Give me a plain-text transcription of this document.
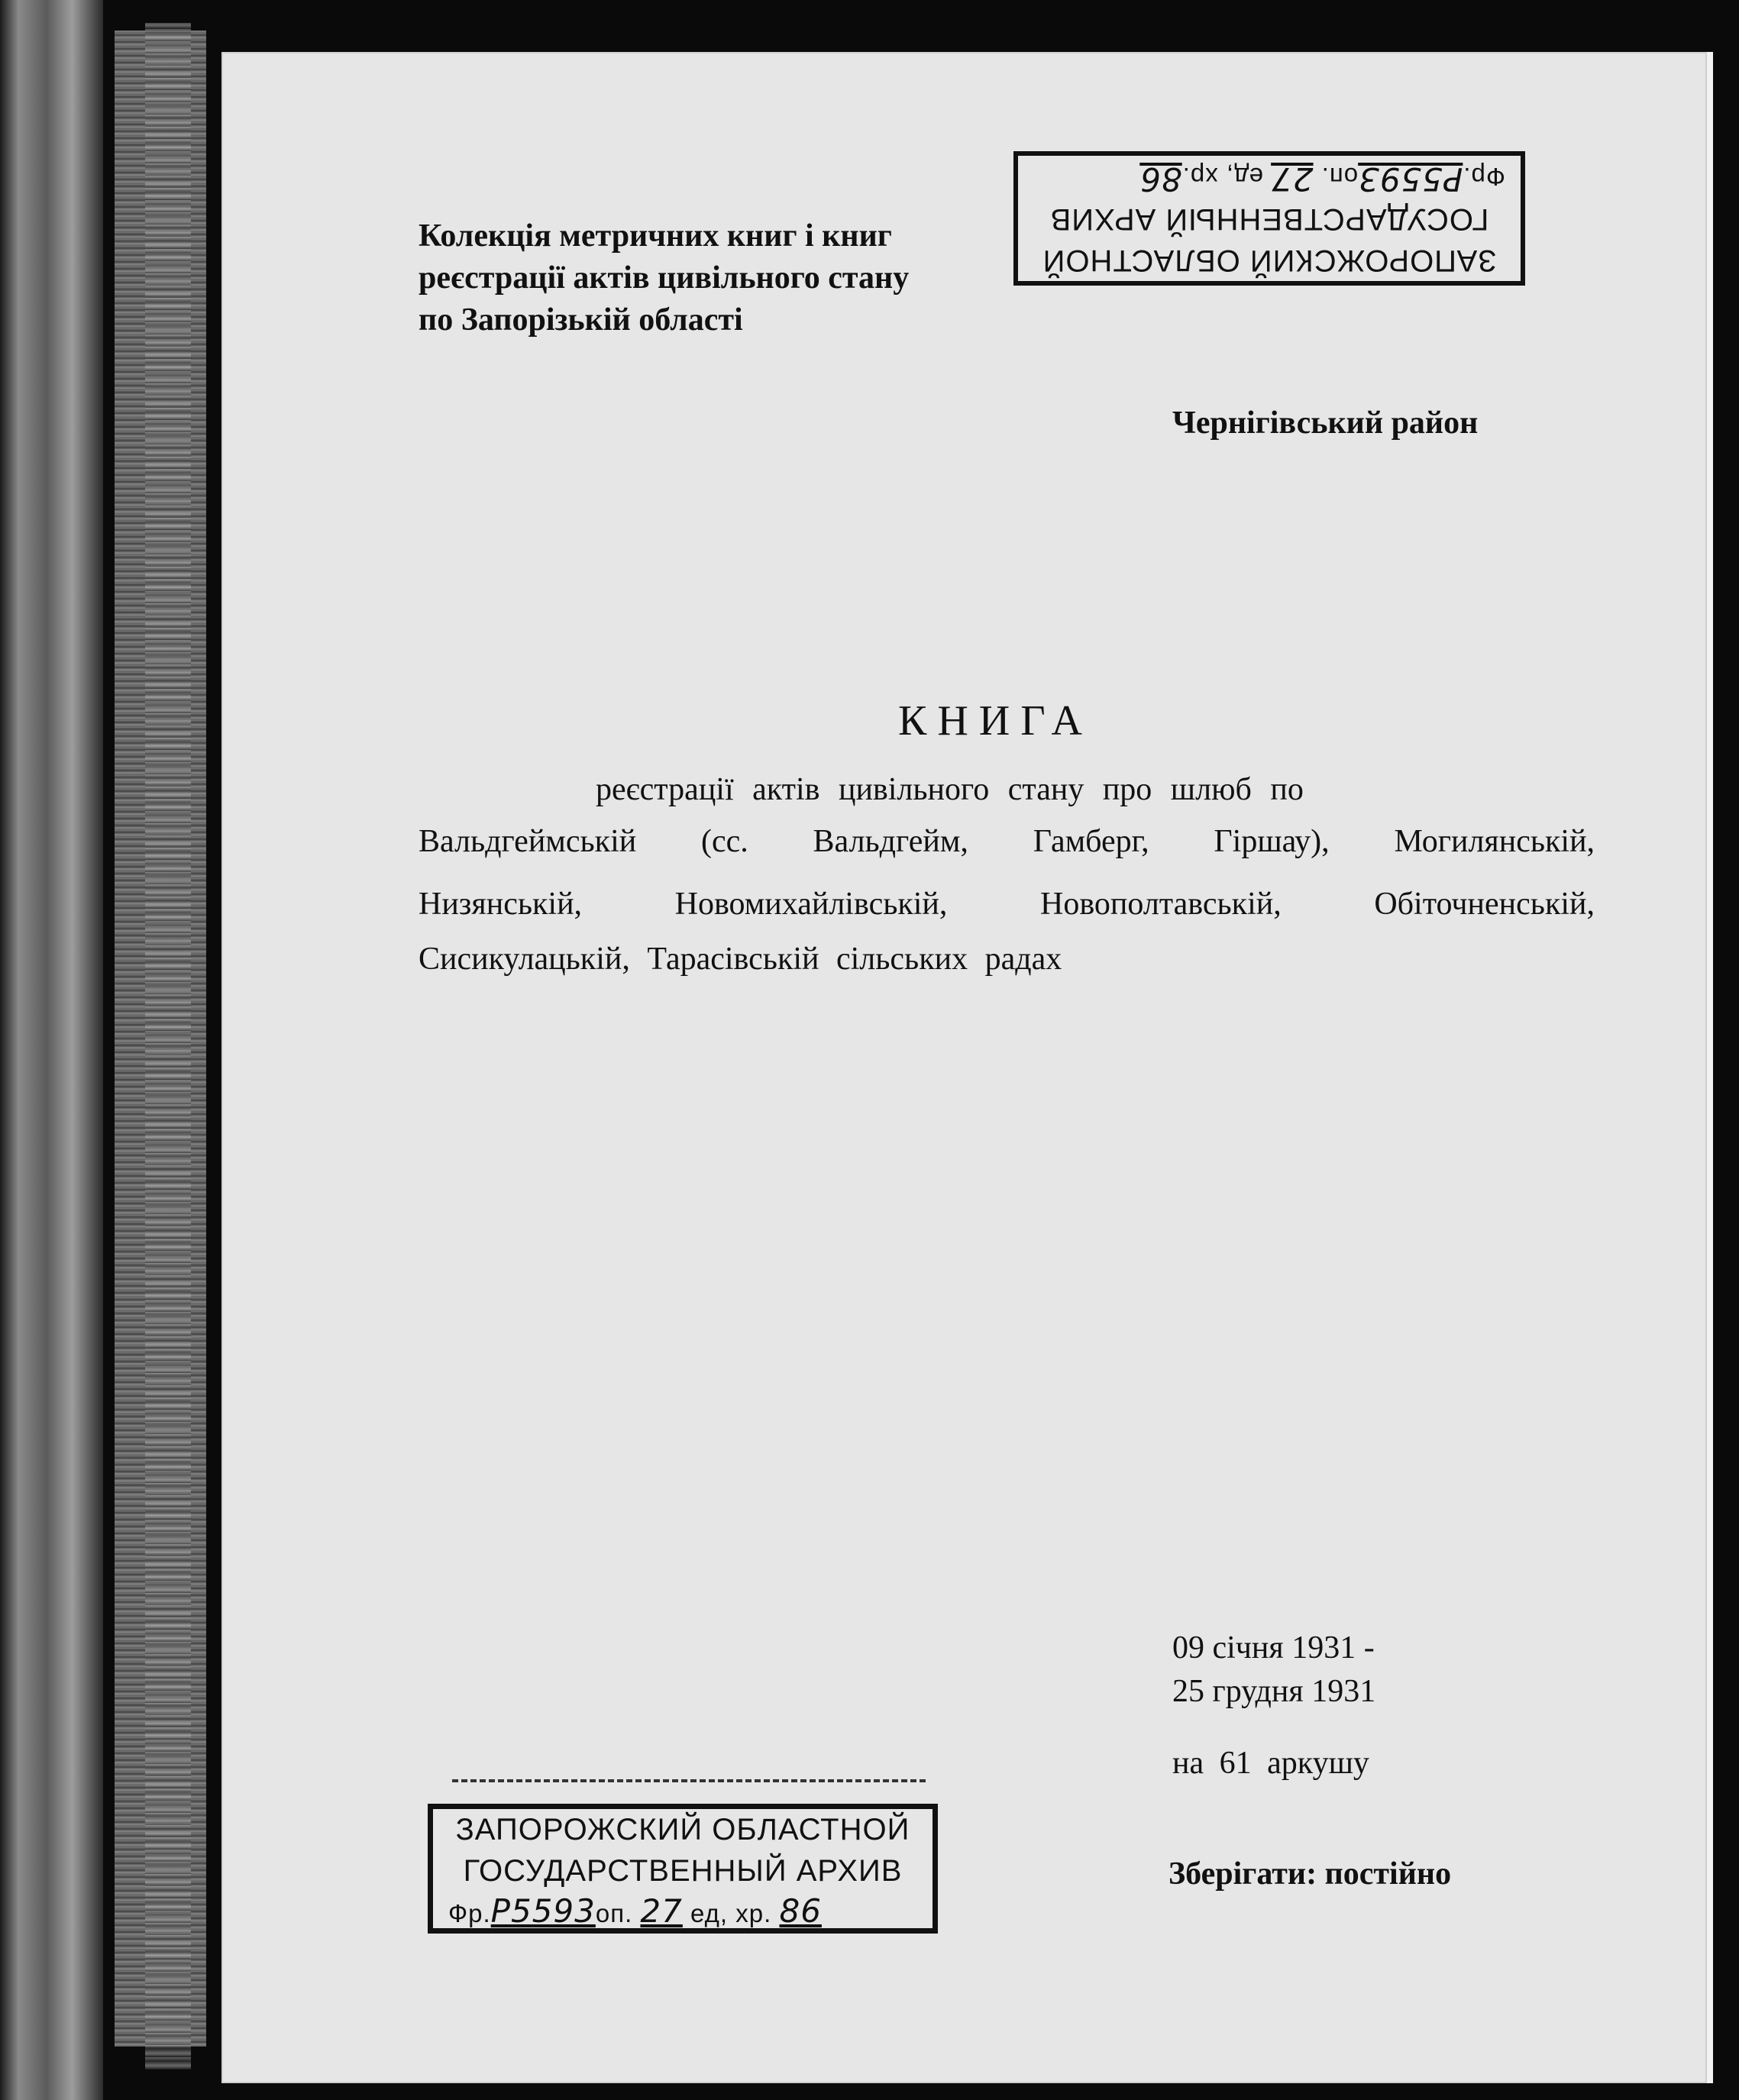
Колекція метричних книг і книг
реєстрації актів цивільного стану
по Запорізькій області
ЗАПОРОЖСКИЙ ОБЛАСТНОЙ
ГОСУДАРСТВЕННЫЙ АРХИВ
Фр.Р5593оп. 27 ед, хр.86
Чернігівський район
КНИГА
реєстрації актів цивільного стану про шлюб по
Вальдгеймській (сс. Вальдгейм, Гамберг, Гіршау), Могилянській,
Низянській,	Новомихайлівській,	Новополтавській,	Обіточненській,
Сисикулацькій, Тарасівській сільських радах
09 січня 1931 -
25 грудня 1931
на 61 аркушу
Зберігати: постійно
ЗАПОРОЖСКИЙ ОБЛАСТНОЙ
ГОСУДАРСТВЕННЫЙ АРХИВ
Фр.Р5593оп. 27 ед, хр. 86
